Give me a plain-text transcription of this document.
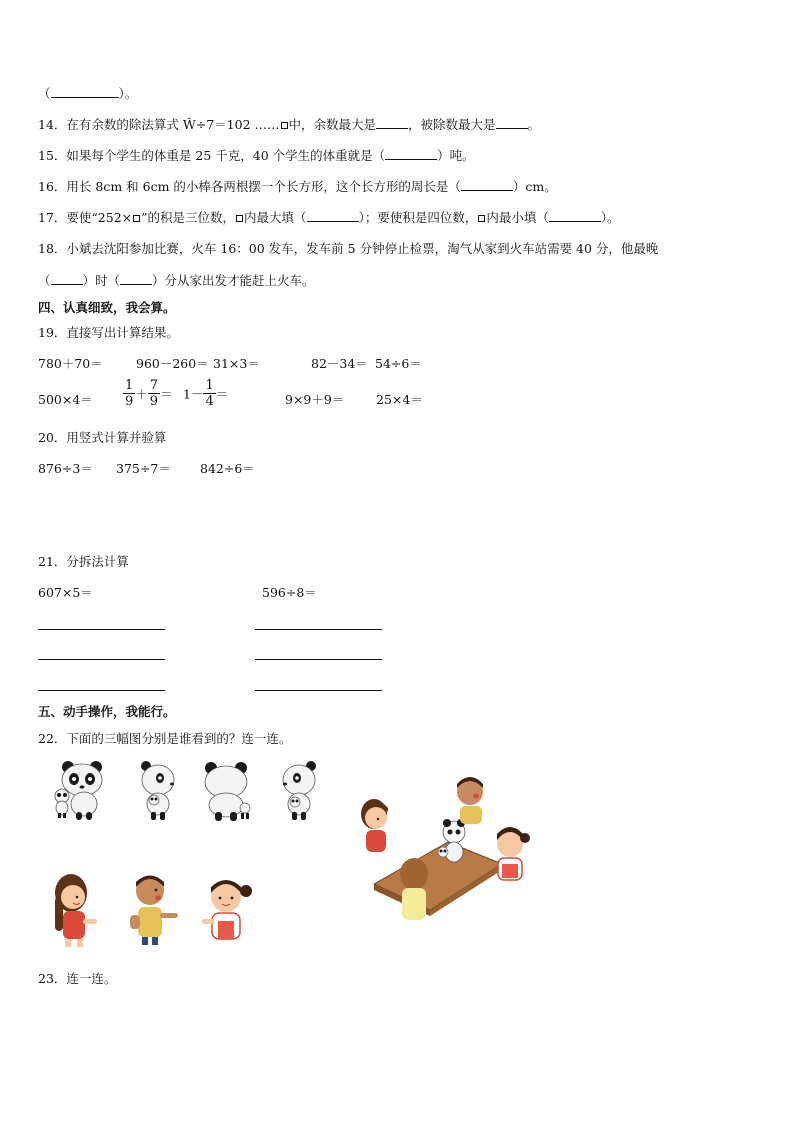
（	）。
14．在有余数的除法算式 Ŵ÷7＝102 …… 中，余数最大是	，被除数最大是	。
15．如果每个学生的体重是 25 千克，40 个学生的体重就是（	）吨。
16．用长 8cm 和 6cm 的小棒各两根摆一个长方形，这个长方形的周长是（	）cm。
17．要使“252× ”的积是三位数， 内最大填（	）；要使积是四位数， 内最小填（	）。
18．小斌去沈阳参加比赛，火车 16：00 发车，发车前 5 分钟停止检票，淘气从家到火车站需要 40 分，他最晚
（	）时（	）分从家出发才能赶上火车。
四、认真细致，我会算。
19．直接写出计算结果。
780＋70＝	960－260＝ 31×3＝	82－34＝ 54÷6＝
$500\times 4= \frac{1}{9} + \frac{7}{9} = 1- \frac{1}{4}$ ＝	9×9＋9＝	25×4＝
20．用竖式计算并验算
876÷3＝ 375÷7＝ 842÷6＝
21．分拆法计算
607×5＝	596÷8＝
五、动手操作，我能行。
22．下面的三幅图分别是谁看到的？连一连。
23．连一连。
